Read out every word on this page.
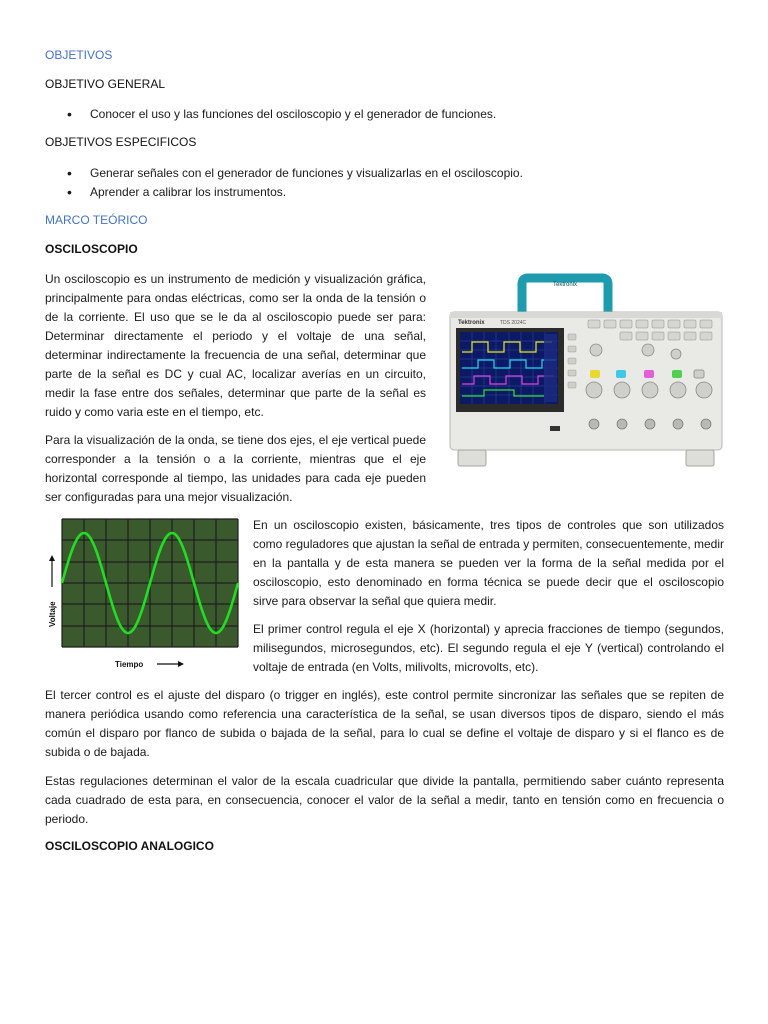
OBJETIVOS
OBJETIVO GENERAL
• Conocer el uso y las funciones del osciloscopio y el generador de funciones.
OBJETIVOS ESPECIFICOS
• Generar señales con el generador de funciones y visualizarlas en el osciloscopio.
• Aprender a calibrar los instrumentos.
MARCO TEÓRICO
OSCILOSCOPIO
Un osciloscopio es un instrumento de medición y visualización gráfica, principalmente para ondas eléctricas, como ser la onda de la tensión o de la corriente. El uso que se le da al osciloscopio puede ser para: Determinar directamente el periodo y el voltaje de una señal, determinar indirectamente la frecuencia de una señal, determinar que parte de la señal es DC y cual AC, localizar averías en un circuito, medir la fase entre dos señales, determinar que parte de la señal es ruido y como varia este en el tiempo, etc.
Para la visualización de la onda, se tiene dos ejes, el eje vertical puede corresponder a la tensión o a la corriente, mientras que el eje horizontal corresponde al tiempo, las unidades para cada eje pueden ser configuradas para una mejor visualización.
Tektronix
Tektronix	TDS 2024C
Voltaje
Tiempo
En un osciloscopio existen, básicamente, tres tipos de controles que son utilizados como reguladores que ajustan la señal de entrada y permiten, consecuentemente, medir en la pantalla y de esta manera se pueden ver la forma de la señal medida por el osciloscopio, esto denominado en forma técnica se puede decir que el osciloscopio sirve para observar la señal que quiera medir.
El primer control regula el eje X (horizontal) y aprecia fracciones de tiempo (segundos, milisegundos, microsegundos, etc). El segundo regula el eje Y (vertical) controlando el voltaje de entrada (en Volts, milivolts, microvolts, etc).
El tercer control es el ajuste del disparo (o trigger en inglés), este control permite sincronizar las señales que se repiten de manera periódica usando como referencia una característica de la señal, se usan diversos tipos de disparo, siendo el más común el disparo por flanco de subida o bajada de la señal, para lo cual se define el voltaje de disparo y si el flanco es de subida o de bajada.
Estas regulaciones determinan el valor de la escala cuadricular que divide la pantalla, permitiendo saber cuánto representa cada cuadrado de esta para, en consecuencia, conocer el valor de la señal a medir, tanto en tensión como en frecuencia o periodo.
OSCILOSCOPIO ANALOGICO
